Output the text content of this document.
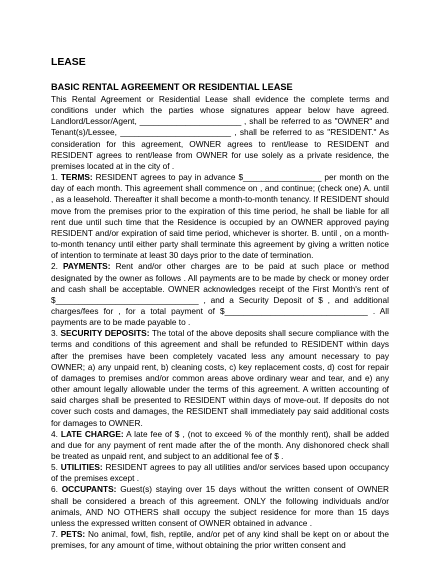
LEASE
BASIC RENTAL AGREEMENT OR RESIDENTIAL LEASE

This Rental Agreement or Residential Lease shall evidence the complete terms and conditions under which the parties whose signatures appear below have agreed. Landlord/Lessor/Agent, ______________________ , shall be referred to as "OWNER" and Tenant(s)/Lessee, ________________________ , shall be referred to as "RESIDENT." As consideration for this agreement, OWNER agrees to rent/lease to RESIDENT and RESIDENT agrees to rent/lease from OWNER for use solely as a private residence, the premises located at in the city of .

1. TERMS: RESIDENT agrees to pay in advance $_________________ per month on the day of each month. This agreement shall commence on , and continue; (check one) A. until , as a leasehold. Thereafter it shall become a month-to-month tenancy. If RESIDENT should move from the premises prior to the expiration of this time period, he shall be liable for all rent due until such time that the Residence is occupied by an OWNER approved paying RESIDENT and/or expiration of said time period, whichever is shorter. B. until , on a month-to-month tenancy until either party shall terminate this agreement by giving a written notice of intention to terminate at least 30 days prior to the date of termination.

2. PAYMENTS: Rent and/or other charges are to be paid at such place or method designated by the owner as follows . All payments are to be made by check or money order and cash shall be acceptable. OWNER acknowledges receipt of the First Month's rent of $_______________________________ , and a Security Deposit of $ , and additional charges/fees for , for a total payment of $_______________________________ . All payments are to be made payable to .

3. SECURITY DEPOSITS: The total of the above deposits shall secure compliance with the terms and conditions of this agreement and shall be refunded to RESIDENT within days after the premises have been completely vacated less any amount necessary to pay OWNER; a) any unpaid rent, b) cleaning costs, c) key replacement costs, d) cost for repair of damages to premises and/or common areas above ordinary wear and tear, and e) any other amount legally allowable under the terms of this agreement. A written accounting of said charges shall be presented to RESIDENT within days of move-out. If deposits do not cover such costs and damages, the RESIDENT shall immediately pay said additional costs for damages to OWNER.

4. LATE CHARGE: A late fee of $ , (not to exceed % of the monthly rent), shall be added and due for any payment of rent made after the of the month. Any dishonored check shall be treated as unpaid rent, and subject to an additional fee of $ .

5. UTILITIES: RESIDENT agrees to pay all utilities and/or services based upon occupancy of the premises except .

6. OCCUPANTS: Guest(s) staying over 15 days without the written consent of OWNER shall be considered a breach of this agreement. ONLY the following individuals and/or animals, AND NO OTHERS shall occupy the subject residence for more than 15 days unless the expressed written consent of OWNER obtained in advance .

7. PETS: No animal, fowl, fish, reptile, and/or pet of any kind shall be kept on or about the premises, for any amount of time, without obtaining the prior written consent and
